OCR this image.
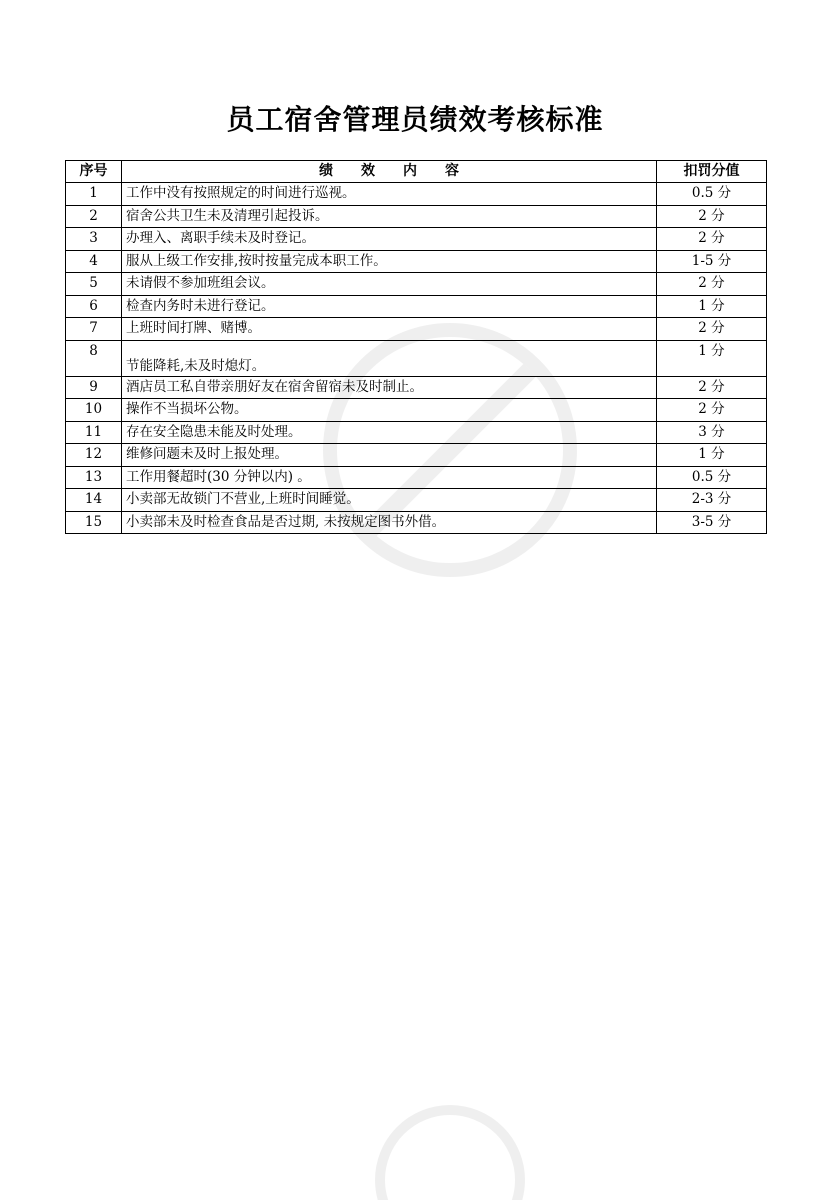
员工宿舍管理员绩效考核标准
序号	绩效内容	扣罚分值
1	工作中没有按照规定的时间进行巡视。	0.5 分
2	宿舍公共卫生未及清理引起投诉。	2 分
3	办理入、离职手续未及时登记。	2 分
4	服从上级工作安排,按时按量完成本职工作。	1-5 分
5	未请假不参加班组会议。	2 分
6	检查内务时未进行登记。	1 分
7	上班时间打牌、赌博。	2 分
8	节能降耗,未及时熄灯。	1 分
9	酒店员工私自带亲朋好友在宿舍留宿未及时制止。	2 分
10	操作不当损坏公物。	2 分
11	存在安全隐患未能及时处理。	3 分
12	维修问题未及时上报处理。	1 分
13	工作用餐超时(30 分钟以内) 。	0.5 分
14	小卖部无故锁门不营业,上班时间睡觉。	2-3 分
15	小卖部未及时检查食品是否过期, 未按规定图书外借。	3-5 分
